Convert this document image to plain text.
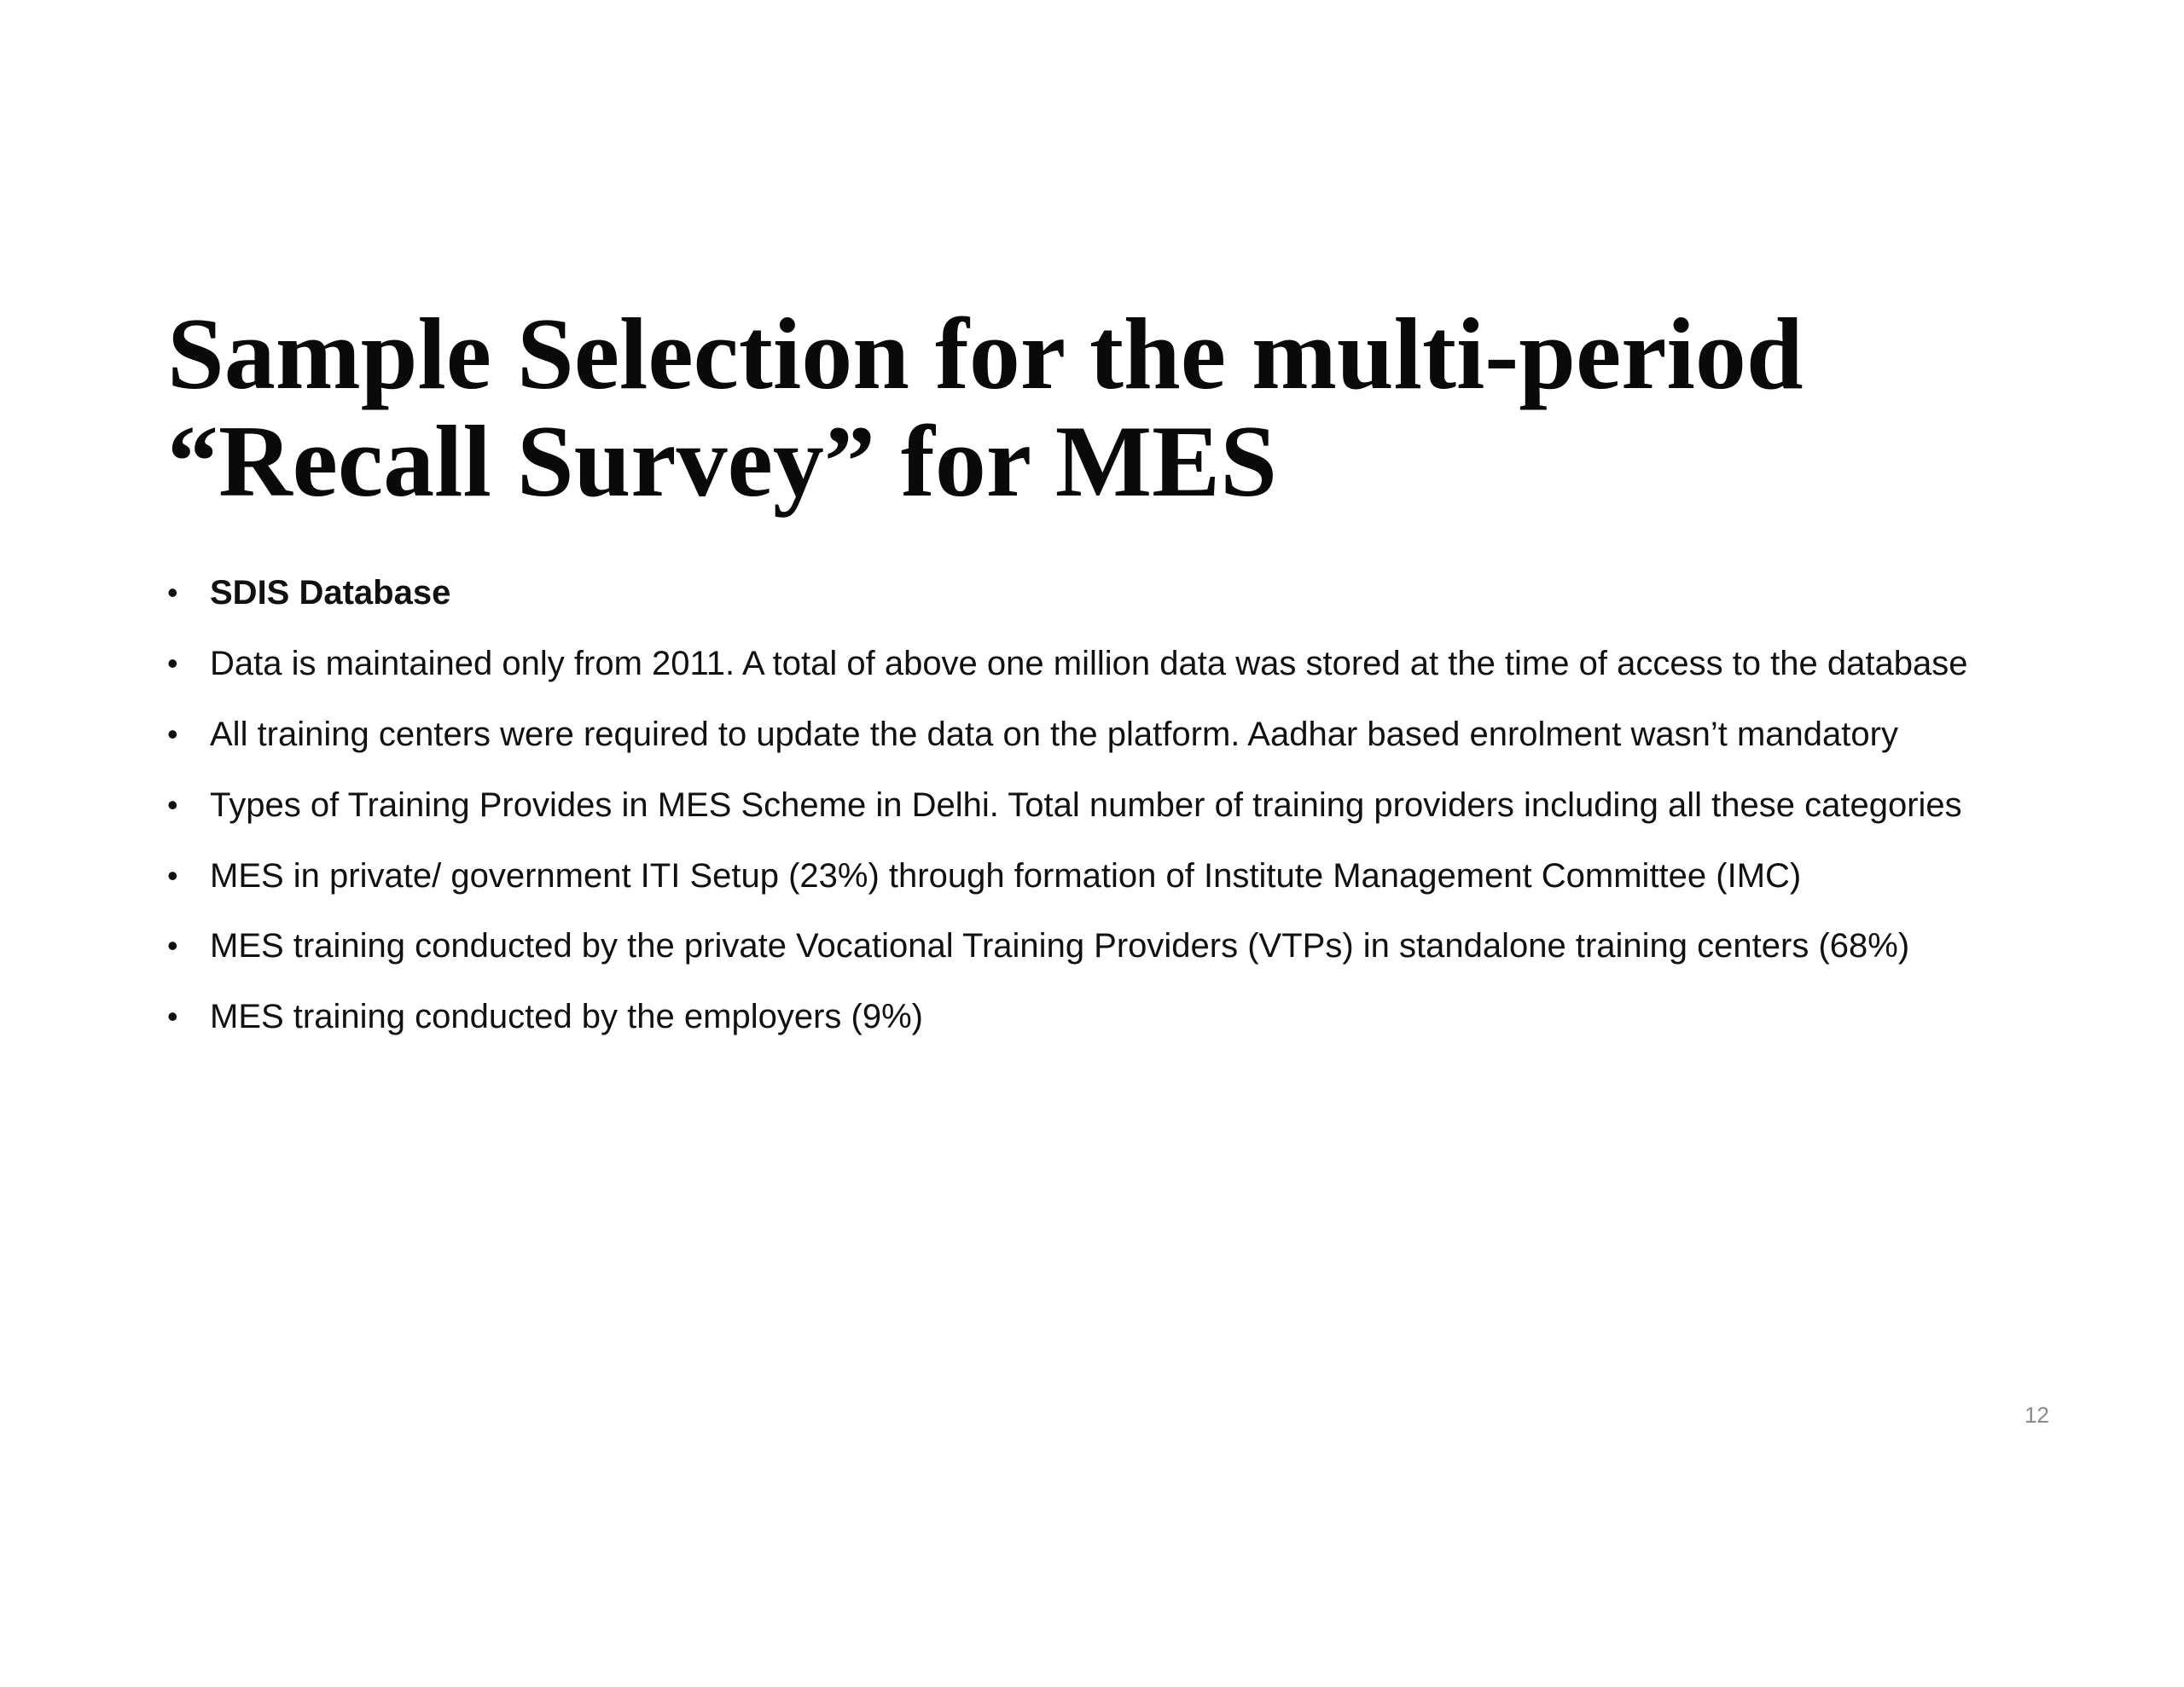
Sample Selection for the multi-period
“Recall Survey” for MES
• SDIS Database
• Data is maintained only from 2011. A total of above one million data was stored at the time of access to the database
• All training centers were required to update the data on the platform. Aadhar based enrolment wasn’t mandatory
• Types of Training Provides in MES Scheme in Delhi. Total number of training providers including all these categories
• MES in private/ government ITI Setup (23%) through formation of Institute Management Committee (IMC)
• MES training conducted by the private Vocational Training Providers (VTPs) in standalone training centers (68%)
• MES training conducted by the employers (9%)
12
